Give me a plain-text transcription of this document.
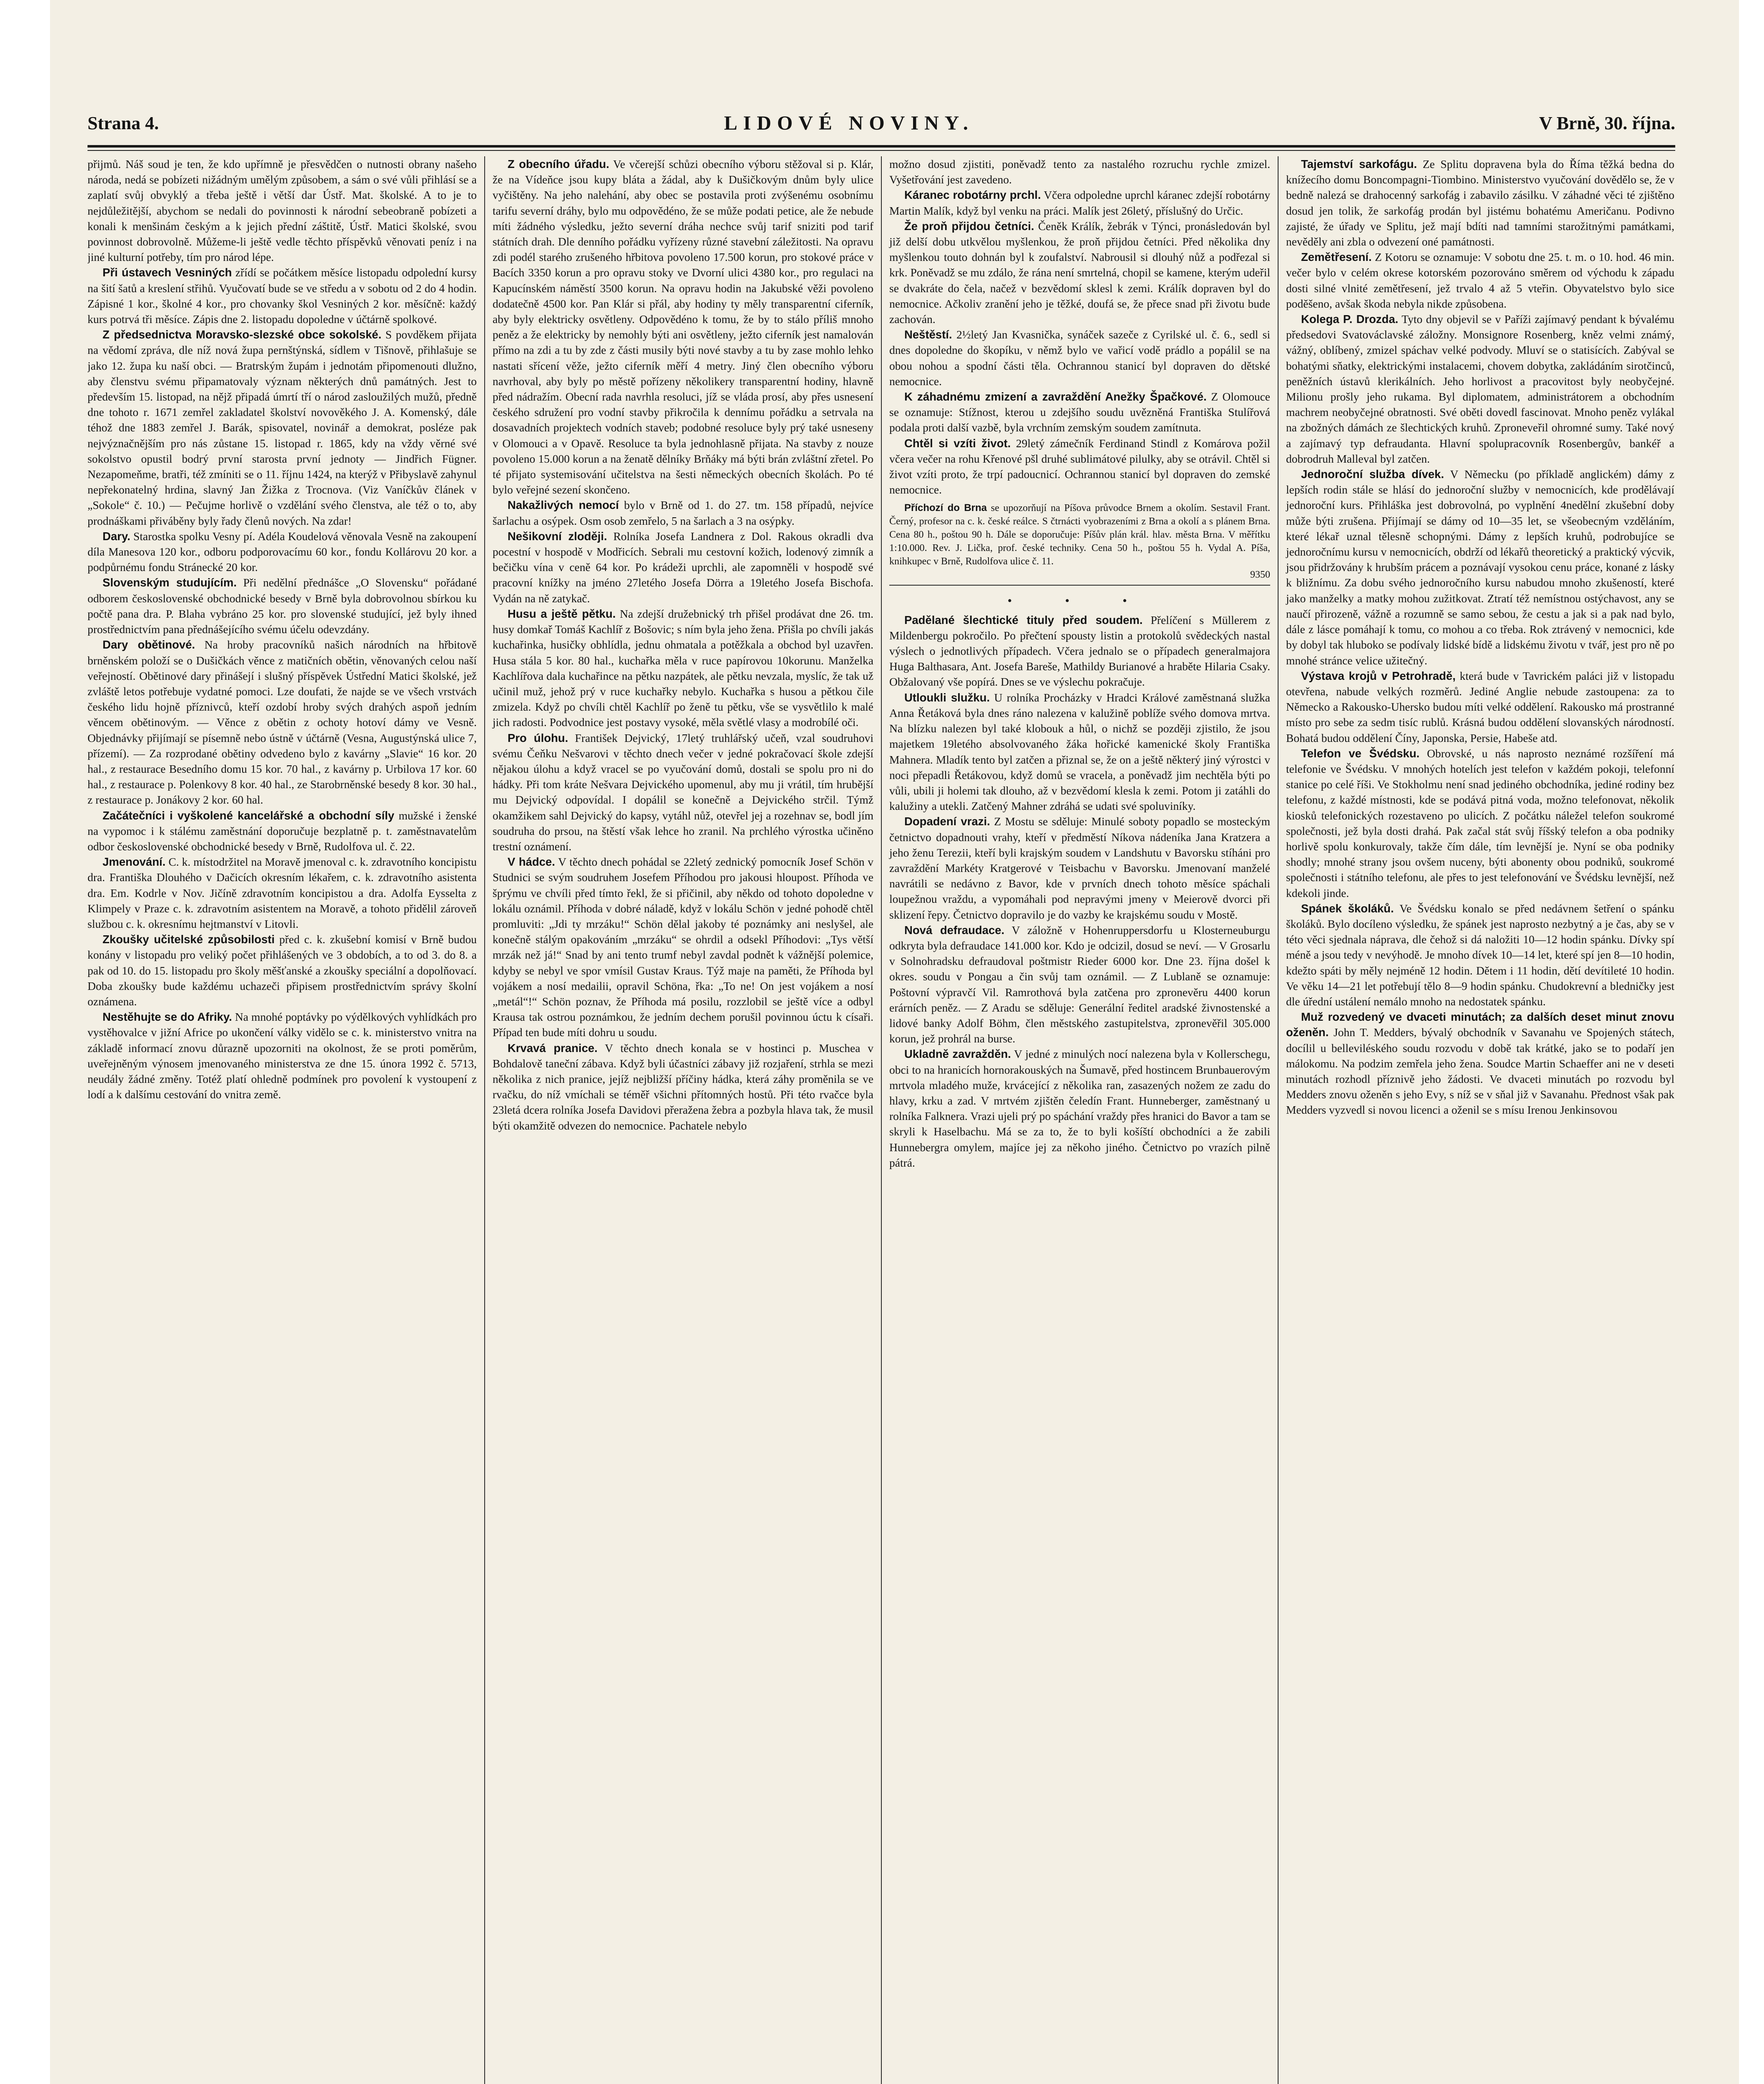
Strana 4.	LIDOVÉ NOVINY.	V Brně, 30. října.

přijmů. Náš soud je ten, že kdo upřímně je přesvědčen o nutnosti obrany našeho národa, nedá se pobízeti nižádným umělým způsobem, a sám o své vůli přihlásí se a zaplatí svůj obvyklý a třeba ještě i větší dar Ústř. Mat. školské. A to je to nejdůležitější, abychom se nedali do povinnosti k národní sebeobraně pobízeti a konali k menšinám českým a k jejich přední záštitě, Ústř. Matici školské, svou povinnost dobrovolně. Můžeme-li ještě vedle těchto příspěvků věnovati peníz i na jiné kulturní potřeby, tím pro národ lépe.

Při ústavech Vesniných zřídí se počátkem měsíce listopadu odpolední kursy na šití šatů a kreslení střihů. Vyučovatí bude se ve středu a v sobotu od 2 do 4 hodin. Zápisné 1 kor., školné 4 kor., pro chovanky škol Vesniných 2 kor. měsíčně: každý kurs potrvá tři měsíce. Zápis dne 2. listopadu dopoledne v účtárně spolkové.

Z předsednictva Moravsko-slezské obce sokolské. S povděkem přijata na vědomí zpráva, dle níž nová župa pernštýnská, sídlem v Tišnově, přihlašuje se jako 12. župa ku naší obci. — Bratrským župám i jednotám připomenouti dlužno, aby členstvu svému připamatovaly význam některých dnů památných. Jest to především 15. listopad, na nějž připadá úmrtí tří o národ zasloužilých mužů, předně dne tohoto r. 1671 zemřel zakladatel školství novověkého J. A. Komenský, dále téhož dne 1883 zemřel J. Barák, spisovatel, novinář a demokrat, posléze pak nejvýznačnějším pro nás zůstane 15. listopad r. 1865, kdy na vždy věrné své sokolstvo opustil bodrý první starosta první jednoty — Jindřich Fügner. Nezapomeňme, bratři, též zmíniti se o 11. říjnu 1424, na kterýž v Přibyslavě zahynul nepřekonatelný hrdina, slavný Jan Žižka z Trocnova. (Viz Vaníčkův článek v „Sokole“ č. 10.) — Pečujme horlivě o vzdělání svého členstva, ale též o to, aby prodnáškami přiváběny byly řady členů nových. Na zdar!

Dary. Starostka spolku Vesny pí. Adéla Koudelová věnovala Vesně na zakoupení díla Manesova 120 kor., odboru podporovacímu 60 kor., fondu Kollárovu 20 kor. a podpůrnému fondu Stránecké 20 kor.

Slovenským studujícím. Při nedělní přednášce „O Slovensku“ pořádané odborem československé obchodnické besedy v Brně byla dobrovolnou sbírkou ku počtě pana dra. P. Blaha vybráno 25 kor. pro slovenské studující, jež byly ihned prostřednictvím pana přednášejícího svému účelu odevzdány.

Dary obětinové. Na hroby pracovníků našich národních na hřbitově brněnském položí se o Dušičkách věnce z matičních obětin, věnovaných celou naší veřejností. Obětinové dary přinášejí i slušný příspěvek Ústřední Matici školské, jež zvláště letos potřebuje vydatné pomoci. Lze doufati, že najde se ve všech vrstvách českého lidu hojně příznivců, kteří ozdobí hroby svých drahých aspoň jedním věncem obětinovým. — Věnce z obětin z ochoty hotoví dámy ve Vesně. Objednávky přijímají se písemně nebo ústně v účtárně (Vesna, Augustýnská ulice 7, přízemí). — Za rozprodané obětiny odvedeno bylo z kavárny „Slavie“ 16 kor. 20 hal., z restaurace Besedního domu 15 kor. 70 hal., z kavárny p. Urbilova 17 kor. 60 hal., z restaurace p. Polenkovy 8 kor. 40 hal., ze Starobrněnské besedy 8 kor. 30 hal., z restaurace p. Jonákovy 2 kor. 60 hal.

Začátečníci i vyškolené kancelářské a obchodní síly mužské i ženské na vypomoc i k stálému zaměstnání doporučuje bezplatně p. t. zaměstnavatelům odbor československé obchodnické besedy v Brně, Rudolfova ul. č. 22.

Jmenování. C. k. místodržitel na Moravě jmenoval c. k. zdravotního koncipistu dra. Františka Dlouhého v Dačicích okresním lékařem, c. k. zdravotního asistenta dra. Em. Kodrle v Nov. Jičíně zdravotním koncipistou a dra. Adolfa Eysselta z Klimpely v Praze c. k. zdravotním asistentem na Moravě, a tohoto přidělil zároveň službou c. k. okresnímu hejtmanství v Litovli.

Zkoušky učitelské způsobilosti před c. k. zkušební komisí v Brně budou konány v listopadu pro veliký počet přihlášených ve 3 obdobích, a to od 3. do 8. a pak od 10. do 15. listopadu pro školy měšťanské a zkoušky speciální a dopolňovací. Doba zkoušky bude každému uchazeči připisem prostřednictvím správy školní oznámena.

Nestěhujte se do Afriky. Na mnohé poptávky po výdělkových vyhlídkách pro vystěhovalce v jižní Africe po ukončení války vidělo se c. k. ministerstvo vnitra na základě informací znovu důrazně upozorniti na okolnost, že se proti poměrům, uveřejněným výnosem jmenovaného ministerstva ze dne 15. února 1992 č. 5713, neudály žádné změny. Totéž platí ohledně podmínek pro povolení k vystoupení z lodí a k dalšímu cestování do vnitra země.

Z obecního úřadu. Ve včerejší schůzi obecního výboru stěžoval si p. Klár, že na Vídeňce jsou kupy bláta a žádal, aby k Dušičkovým dnům byly ulice vyčištěny. Na jeho nalehání, aby obec se postavila proti zvýšenému osobnímu tarifu severní dráhy, bylo mu odpovědéno, že se může podati petice, ale že nebude míti žádného výsledku, ježto severní dráha nechce svůj tarif sniziti pod tarif státních drah. Dle denního pořádku vyřízeny různé stavební záležitosti. Na opravu zdi podél starého zrušeného hřbitova povoleno 17.500 korun, pro stokové práce v Bacích 3350 korun a pro opravu stoky ve Dvorní ulici 4380 kor., pro regulaci na Kapucínském náměstí 3500 korun. Na opravu hodin na Jakubské věži povoleno dodatečně 4500 kor. Pan Klár si přál, aby hodiny ty měly transparentní ciferník, aby byly elektricky osvětleny. Odpovědéno k tomu, že by to stálo příliš mnoho peněz a že elektricky by nemohly býti ani osvětleny, ježto ciferník jest namalován přímo na zdi a tu by zde z části musily býti nové stavby a tu by zase mohlo lehko nastati sřícení věže, ježto ciferník měří 4 metry. Jiný člen obecního výboru navrhoval, aby byly po městě pořízeny několikery transparentní hodiny, hlavně před nádražím. Obecní rada navrhla resoluci, jíž se vláda prosí, aby přes usnesení českého sdružení pro vodní stavby přikročila k dennímu pořádku a setrvala na dosavadních projektech vodních staveb; podobné resoluce byly prý také usneseny v Olomouci a v Opavě. Resoluce ta byla jednohlasně přijata. Na stavby z nouze povoleno 15.000 korun a na ženatě dělníky Brňáky má býti brán zvláštní zřetel. Po té přijato systemisování učitelstva na šesti německých obecních školách. Po té bylo veřejné sezení skončeno.

Nakažlivých nemocí bylo v Brně od 1. do 27. tm. 158 případů, nejvíce šarlachu a osýpek. Osm osob zemřelo, 5 na šarlach a 3 na osýpky.

Nešikovní zloději. Rolníka Josefa Landnera z Dol. Rakous okradli dva pocestní v hospodě v Modřicích. Sebrali mu cestovní kožich, lodenový zimník a bečičku vína v ceně 64 kor. Po krádeži uprchli, ale zapomněli v hospodě své pracovní knížky na jméno 27letého Josefa Dörra a 19letého Josefa Bischofa. Vydán na ně zatykač.

Husu a ještě pětku. Na zdejší družebnický trh přišel prodávat dne 26. tm. husy domkař Tomáš Kachlíř z Bošovic; s ním byla jeho žena. Přišla po chvíli jakás kuchařinka, husičky obhlídla, jednu ohmatala a potěžkala a obchod byl uzavřen. Husa stála 5 kor. 80 hal., kuchařka měla v ruce papírovou 10korunu. Manželka Kachlířova dala kuchařince na pětku nazpátek, ale pětku nevzala, myslíc, že tak už učinil muž, jehož prý v ruce kuchařky nebylo. Kuchařka s husou a pětkou čile zmizela. Když po chvíli chtěl Kachlíř po ženě tu pětku, vše se vysvětlilo k malé jich radosti. Podvodnice jest postavy vysoké, měla světlé vlasy a modrobílé oči.

Pro úlohu. František Dejvický, 17letý truhlářský učeň, vzal soudruhovi svému Čeňku Nešvarovi v těchto dnech večer v jedné pokračovací škole zdejší nějakou úlohu a když vracel se po vyučování domů, dostali se spolu pro ni do hádky. Při tom kráte Nešvara Dejvického upomenul, aby mu ji vrátil, tím hrubější mu Dejvický odpovídal. I dopálil se konečně a Dejvického strčil. Týmž okamžikem sahl Dejvický do kapsy, vytáhl nůž, otevřel jej a rozehnav se, bodl jím soudruha do prsou, na štěstí však lehce ho zranil. Na prchlého výrostka učiněno trestní oznámení.

V hádce. V těchto dnech pohádal se 22letý zednický pomocník Josef Schön v Studnici se svým soudruhem Josefem Příhodou pro jakousi hloupost. Příhoda ve šprýmu ve chvíli před tímto řekl, že si přičinil, aby někdo od tohoto dopoledne v lokálu oznámil. Příhoda v dobré náladě, když v lokálu Schön v jedné pohodě chtěl promluviti: „Jdi ty mrzáku!“ Schön dělal jakoby té poznámky ani neslyšel, ale konečně stálým opakováním „mrzáku“ se ohrdil a odsekl Příhodovi: „Tys větší mrzák než já!“ Snad by ani tento trumf nebyl zavdal podnět k vážnější polemice, kdyby se nebyl ve spor vmísil Gustav Kraus. Týž maje na paměti, že Příhoda byl vojákem a nosí medailii, opravil Schöna, řka: „To ne! On jest vojákem a nosí „metál“!“ Schön poznav, že Příhoda má posilu, rozzlobil se ještě více a odbyl Krausa tak ostrou poznámkou, že jedním dechem porušil povinnou úctu k císaři. Případ ten bude míti dohru u soudu.

Krvavá pranice. V těchto dnech konala se v hostinci p. Muschea v Bohdalově taneční zábava. Když byli účastníci zábavy již rozjaření, strhla se mezi několika z nich pranice, jejíž nejbližší příčiny hádka, která záhy proměnila se ve rvačku, do níž vmíchali se téměř všichni přítomných hostů. Při této rvačce byla 23letá dcera rolníka Josefa Davidovi přeražena žebra a pozbyla hlava tak, že musil býti okamžitě odvezen do nemocnice. Pachatele nebylo

možno dosud zjistiti, poněvadž tento za nastalého rozruchu rychle zmizel. Vyšetřování jest zavedeno.

Káranec robotárny prchl. Včera odpoledne uprchl káranec zdejší robotárny Martin Malík, když byl venku na práci. Malík jest 26letý, příslušný do Určic.

Že proň přijdou četníci. Čeněk Králík, žebrák v Týnci, pronásledován byl již delší dobu utkvělou myšlenkou, že proň přijdou četníci. Před několika dny myšlenkou touto dohnán byl k zoufalství. Nabrousil si dlouhý nůž a podřezal si krk. Poněvadž se mu zdálo, že rána není smrtelná, chopil se kamene, kterým udeřil se dvakráte do čela, načež v bezvědomí sklesl k zemi. Králík dopraven byl do nemocnice. Ačkoliv zranění jeho je těžké, doufá se, že přece snad při životu bude zachován.

Neštěstí. 2½letý Jan Kvasnička, synáček sazeče z Cyrilské ul. č. 6., sedl si dnes dopoledne do škopíku, v němž bylo ve vařicí vodě prádlo a popálil se na obou nohou a spodní části těla. Ochrannou stanicí byl dopraven do dětské nemocnice.

K záhadnému zmizení a zavraždění Anežky Špačkové. Z Olomouce se oznamuje: Stížnost, kterou u zdejšího soudu uvězněná Františka Stulířová podala proti další vazbě, byla vrchním zemským soudem zamítnuta.

Chtěl si vzíti život. 29letý zámečník Ferdinand Stindl z Komárova požil včera večer na rohu Křenové pšl druhé sublimátové pilulky, aby se otrávil. Chtěl si život vzíti proto, že trpí padoucnicí. Ochrannou stanicí byl dopraven do zemské nemocnice.

Příchozí do Brna se upozorňují na Píšova průvodce Brnem a okolím. Sestavil Frant. Černý, profesor na c. k. české reálce. S čtrnácti vyobrazeními z Brna a okolí a s plánem Brna. Cena 80 h., poštou 90 h. Dále se doporučuje: Píšův plán král. hlav. města Brna. V měřítku 1:10.000. Rev. J. Lička, prof. české techniky. Cena 50 h., poštou 55 h. Vydal A. Píša, knihkupec v Brně, Rudolfova ulice č. 11.
9350

• • •

Padělané šlechtické tituly před soudem. Přelíčení s Müllerem z Mildenbergu pokročilo. Po přečtení spousty listin a protokolů svědeckých nastal výslech o jednotlivých případech. Včera jednalo se o případech generalmajora Huga Balthasara, Ant. Josefa Bareše, Mathildy Burianové a hraběte Hilaria Csaky. Obžalovaný vše popírá. Dnes se ve výslechu pokračuje.

Utloukli služku. U rolníka Procházky v Hradci Králové zaměstnaná služka Anna Řetáková byla dnes ráno nalezena v kalužině poblíže svého domova mrtva. Na blízku nalezen byl také klobouk a hůl, o nichž se později zjistilo, že jsou majetkem 19letého absolvovaného žáka hořické kamenické školy Františka Mahnera. Mladík tento byl zatčen a přiznal se, že on a ještě některý jiný výrostci v noci přepadli Řetákovou, když domů se vracela, a poněvadž jim nechtěla býti po vůli, ubili ji holemi tak dlouho, až v bezvědomí klesla k zemi. Potom ji zatáhli do kalužiny a utekli. Zatčený Mahner zdráhá se udati své spoluviníky.

Dopadení vrazi. Z Mostu se sděluje: Minulé soboty popadlo se mosteckým četnictvo dopadnouti vrahy, kteří v předměstí Níkova nádeníka Jana Kratzera a jeho ženu Terezii, kteří byli krajským soudem v Landshutu v Bavorsku stíháni pro zavraždění Markéty Kratgerové v Teisbachu v Bavorsku. Jmenovaní manželé navrátili se nedávno z Bavor, kde v prvních dnech tohoto měsíce spáchali loupežnou vraždu, a vypomáhali pod nepravými jmeny v Meierově dvorci při sklizení řepy. Četnictvo dopravilo je do vazby ke krajskému soudu v Mostě.

Nová defraudace. V záložně v Hohenruppersdorfu u Klosterneuburgu odkryta byla defraudace 141.000 kor. Kdo je odcizil, dosud se neví. — V Grosarlu v Solnohradsku defraudoval poštmistr Rieder 6000 kor. Dne 23. října došel k okres. soudu v Pongau a čin svůj tam oznámil. — Z Lublaně se oznamuje: Poštovní výpravčí Vil. Ramrothová byla zatčena pro zpronevěru 4400 korun erárních peněz. — Z Aradu se sděluje: Generální ředitel aradské živnostenské a lidové banky Adolf Böhm, člen městského zastupitelstva, zpronevěřil 305.000 korun, jež prohrál na burse.

Ukladně zavražděn. V jedné z minulých nocí nalezena byla v Kollerschegu, obci to na hranicích hornorakouských na Šumavě, před hostincem Brunbauerovým mrtvola mladého muže, krvácející z několika ran, zasazených nožem ze zadu do hlavy, krku a zad. V mrtvém zjištěn čeledín Frant. Hunneberger, zaměstnaný u rolníka Falknera. Vrazi ujeli prý po spáchání vraždy přes hranici do Bavor a tam se skryli k Haselbachu. Má se za to, že to byli košíští obchodníci a že zabili Hunnebergra omylem, majíce jej za někoho jiného. Četnictvo po vrazích pilně pátrá.

Tajemství sarkofágu. Ze Splitu dopravena byla do Říma těžká bedna do knížecího domu Boncompagni-Tiombino. Ministerstvo vyučování dovědělo se, že v bedně nalezá se drahocenný sarkofág i zabavilo zásilku. V záhadné věci té zjištěno dosud jen tolik, že sarkofág prodán byl jistému bohatému Američanu. Podivno zajisté, že úřady ve Splitu, jež mají bdíti nad tamními starožitnými památkami, nevěděly ani zbla o odvezení oné památnosti.

Zemětřesení. Z Kotoru se oznamuje: V sobotu dne 25. t. m. o 10. hod. 46 min. večer bylo v celém okrese kotorském pozorováno směrem od východu k západu dosti silné vlnité zemětřesení, jež trvalo 4 až 5 vteřin. Obyvatelstvo bylo sice poděšeno, avšak škoda nebyla nikde způsobena.

Kolega P. Drozda. Tyto dny objevil se v Paříži zajímavý pendant k bývalému předsedovi Svatováclavské záložny. Monsignore Rosenberg, kněz velmi známý, vážný, oblíbený, zmizel spáchav velké podvody. Mluví se o statisících. Zabýval se bohatými sňatky, elektrickými instalacemi, chovem dobytka, zakládáním sirotčinců, peněžních ústavů klerikálních. Jeho horlivost a pracovitost byly neobyčejné. Milionu prošly jeho rukama. Byl diplomatem, administrátorem a obchodním machrem neobyčejné obratnosti. Své oběti dovedl fascinovat. Mnoho peněz vylákal na zbožných dámách ze šlechtických kruhů. Zproneveřil ohromné sumy. Také nový a zajímavý typ defraudanta. Hlavní spolupracovník Rosenbergův, bankéř a dobrodruh Malleval byl zatčen.

Jednoroční služba dívek. V Německu (po příkladě anglickém) dámy z lepších rodin stále se hlásí do jednoroční služby v nemocnicích, kde prodělávají jednoroční kurs. Přihláška jest dobrovolná, po vyplnění 4nedělní zkušební doby může býti zrušena. Přijímají se dámy od 10—35 let, se všeobecným vzděláním, které lékař uznal tělesně schopnými. Dámy z lepších kruhů, podrobujíce se jednoročnímu kursu v nemocnicích, obdrží od lékařů theoretický a praktický výcvik, jsou přidržovány k hrubším prácem a poznávají vysokou cenu práce, konané z lásky k bližnímu. Za dobu svého jednoročního kursu nabudou mnoho zkušeností, které jako manželky a matky mohou zužitkovat. Ztratí též nemístnou ostýchavost, any se naučí přirozeně, vážně a rozumně se samo sebou, že cestu a jak si a pak nad bylo, dále z lásce pomáhají k tomu, co mohou a co třeba. Rok ztrávený v nemocnici, kde by dobyl tak hluboko se podívaly lidské bídě a lidskému životu v tvář, jest pro ně po mnohé stránce velice užitečný.

Výstava krojů v Petrohradě, která bude v Tavrickém paláci již v listopadu otevřena, nabude velkých rozměrů. Jediné Anglie nebude zastoupena: za to Německo a Rakousko-Uhersko budou míti velké oddělení. Rakousko má prostranné místo pro sebe za sedm tisíc rublů. Krásná budou oddělení slovanských národností. Bohatá budou oddělení Číny, Japonska, Persie, Habeše atd.

Telefon ve Švédsku. Obrovské, u nás naprosto neznámé rozšíření má telefonie ve Švédsku. V mnohých hotelích jest telefon v každém pokoji, telefonní stanice po celé říši. Ve Stokholmu není snad jediného obchodníka, jediné rodiny bez telefonu, z každé místnosti, kde se podává pitná voda, možno telefonovat, několik kiosků telefonických rozestaveno po ulicích. Z počátku náležel telefon soukromé společnosti, jež byla dosti drahá. Pak začal stát svůj říšský telefon a oba podniky horlivě spolu konkurovaly, takže čím dále, tím levnější je. Nyní se oba podniky shodly; mnohé strany jsou ovšem nuceny, býti abonenty obou podniků, soukromé společnosti i státního telefonu, ale přes to jest telefonování ve Švédsku levnější, než kdekoli jinde.

Spánek školáků. Ve Švédsku konalo se před nedávnem šetření o spánku školáků. Bylo docíleno výsledku, že spánek jest naprosto nezbytný a je čas, aby se v této věci sjednala náprava, dle čehož si dá naložiti 10—12 hodin spánku. Dívky spí méně a jsou tedy v nevýhodě. Je mnoho dívek 10—14 let, které spí jen 8—10 hodin, kdežto spáti by měly nejméně 12 hodin. Dětem i 11 hodin, dětí devítileté 10 hodin. Ve věku 14—21 let potřebují tělo 8—9 hodin spánku. Chudokrevní a bledničky jest dle úřední ustálení nemálo mnoho na nedostatek spánku.

Muž rozvedený ve dvaceti minutách; za dalších deset minut znovu oženěn. John T. Medders, bývalý obchodník v Savanahu ve Spojených státech, docílil u belleviléského soudu rozvodu v době tak krátké, jako se to podaří jen málokomu. Na podzim zemřela jeho žena. Soudce Martin Schaeffer ani ne v deseti minutách rozhodl příznivě jeho žádosti. Ve dvaceti minutách po rozvodu byl Medders znovu oženěn s jeho Evy, s níž se v sňal již v Savanahu. Přednost však pak Medders vyzvedl si novou licenci a oženil se s mísu Irenou Jenkinsovou
